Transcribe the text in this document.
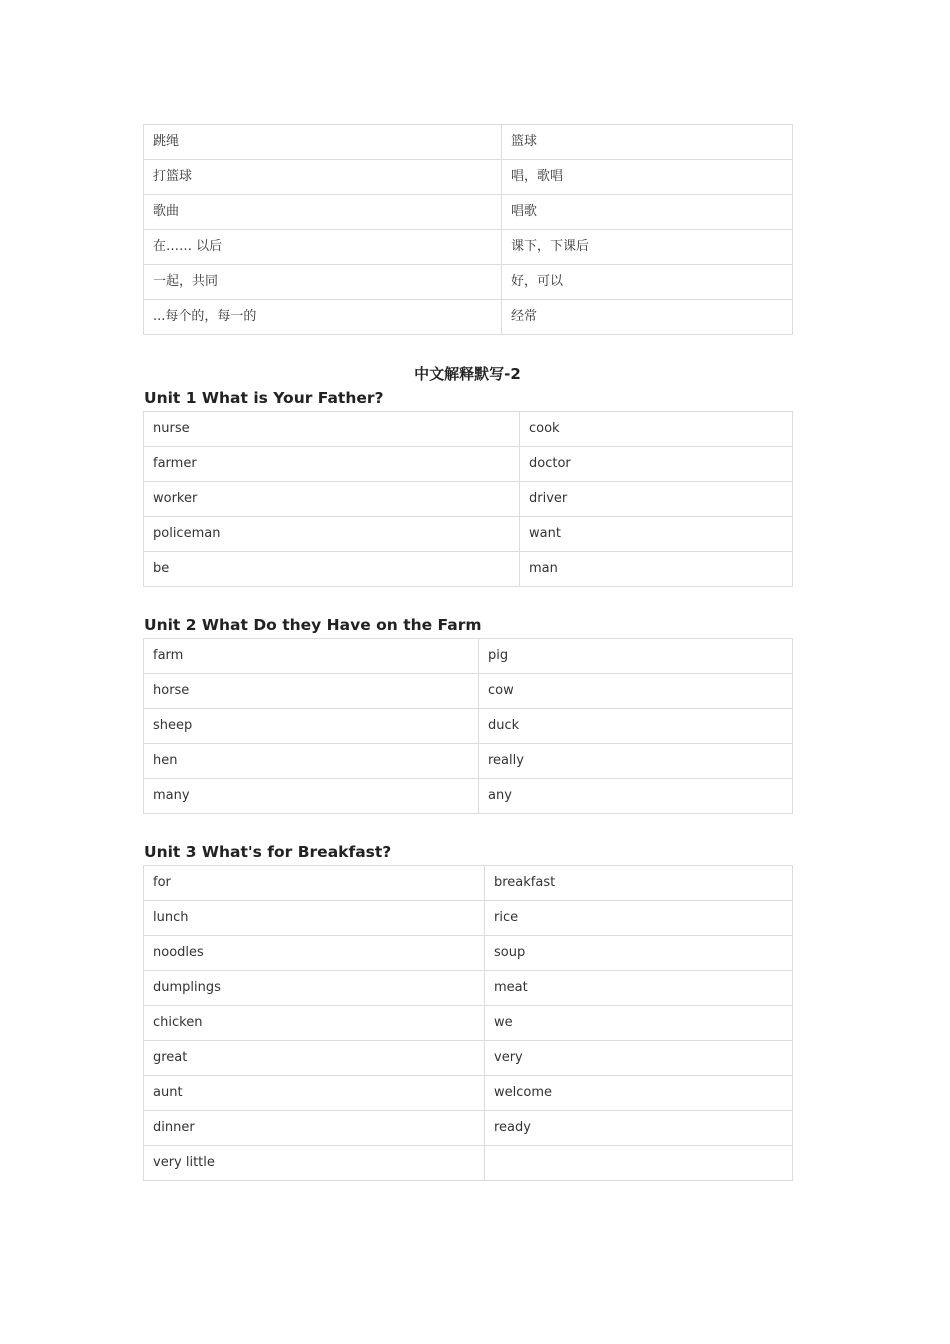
跳绳	篮球
打篮球	唱，歌唱
歌曲	唱歌
在…… 以后	课下，下课后
一起，共同	好，可以
...每个的，每一的	经常
中文解释默写-2
Unit 1 What is Your Father?
nurse	cook
farmer	doctor
worker	driver
policeman	want
be	man
Unit 2 What Do they Have on the Farm
farm	pig
horse	cow
sheep	duck
hen	really
many	any
Unit 3 What's for Breakfast?
for	breakfast
lunch	rice
noodles	soup
dumplings	meat
chicken	we
great	very
aunt	welcome
dinner	ready
very little	
